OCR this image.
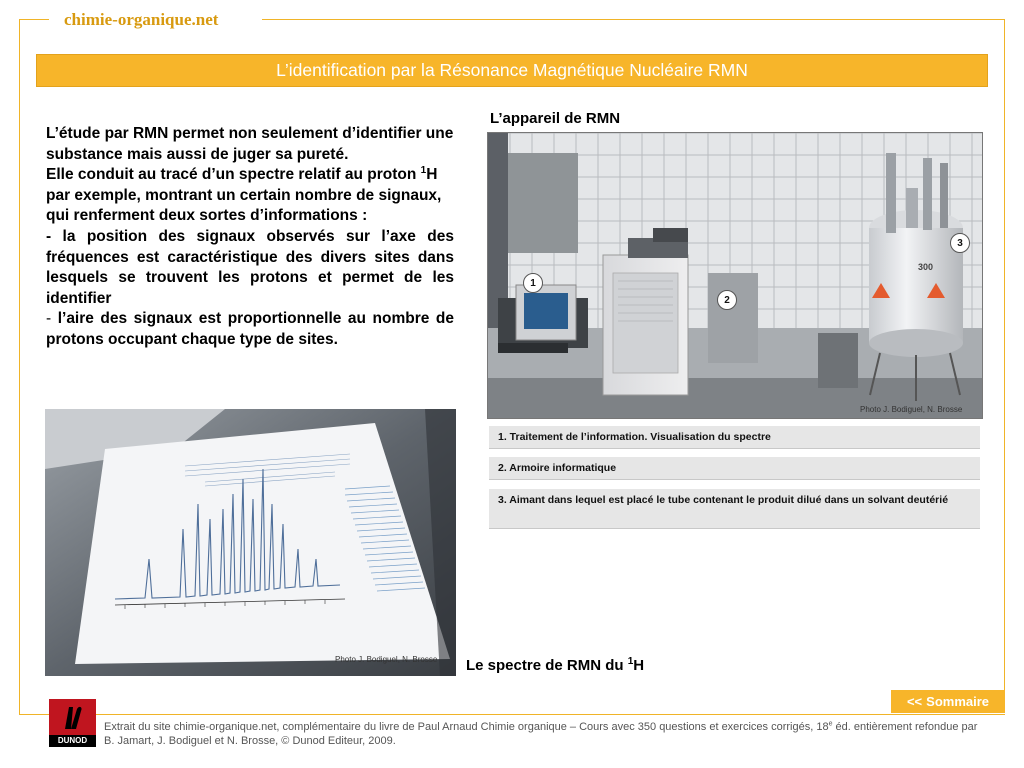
chimie-organique.net
L’identification par la Résonance Magnétique Nucléaire RMN

L’étude par RMN permet non seulement d’identifier une substance mais aussi de juger sa pureté.

Elle conduit au tracé d’un spectre relatif au proton $^1$H par exemple, montrant un certain nombre de signaux, qui renferment deux sortes d’informations :

- la position des signaux observés sur l’axe des fréquences est caractéristique des divers sites dans lesquels se trouvent les protons et permet de les identifier

- l’aire des signaux est proportionnelle au nombre de protons occupant chaque type de sites.

Photo J. Bodiguel, N. Brosse
L’appareil de RMN
300
Photo J. Bodiguel, N. Brosse
1
2
3
1. Traitement de l’information. Visualisation du spectre
2. Armoire informatique
3. Aimant dans lequel est placé le tube contenant le produit dilué dans un solvant deutérié
Le spectre de RMN du $^1$H
<< Sommaire
DUNOD
Extrait du site chimie-organique.net, complémentaire du livre de Paul Arnaud Chimie organique – Cours avec 350 questions et exercices corrigés, 18e éd. entièrement refondue par B. Jamart, J. Bodiguel et N. Brosse, © Dunod Editeur, 2009.
